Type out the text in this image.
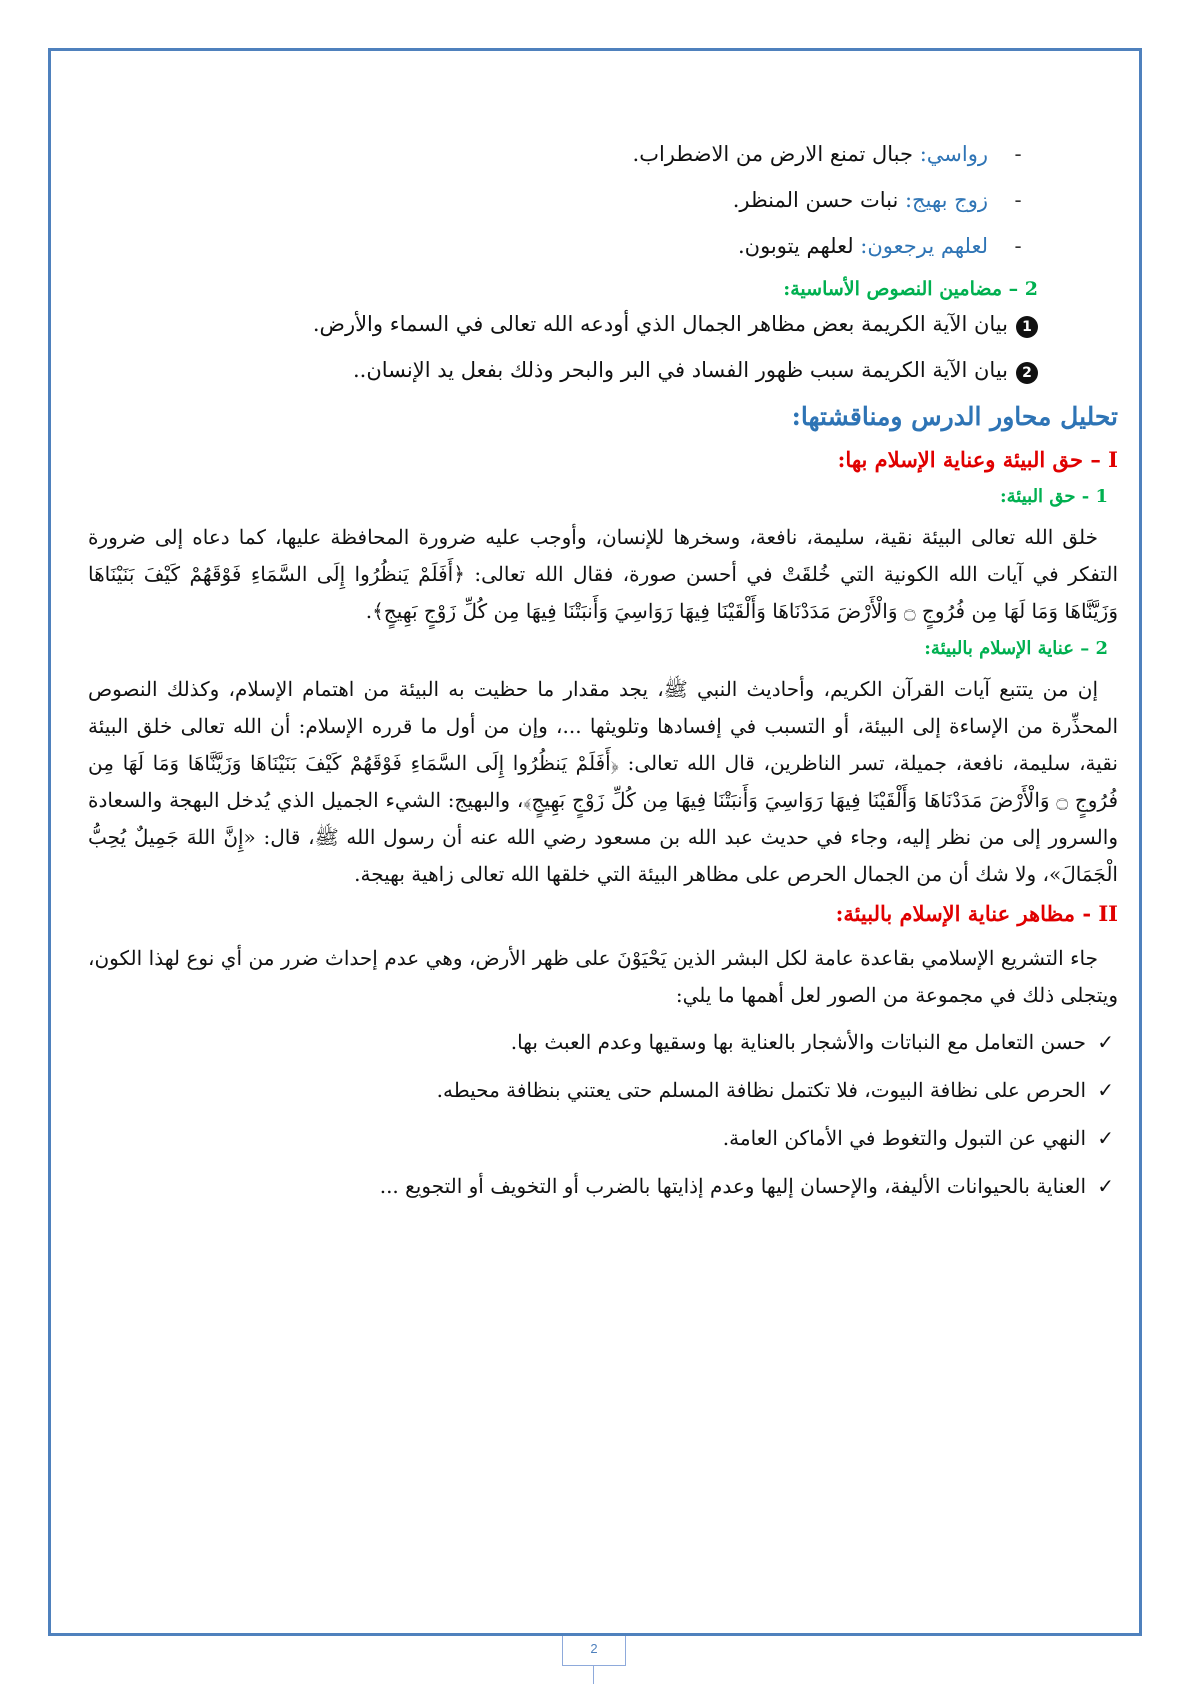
-
رواسي:

جبال تمنع الارض من الاضطراب.
-
زوج بهيج:

نبات حسن المنظر.
-
لعلهم يرجعون:

لعلهم يتوبون.
2 – مضامين النصوص الأساسية:
1
بيان الآية الكريمة بعض مظاهر الجمال الذي أودعه الله تعالى في السماء والأرض.
2
بيان الآية الكريمة سبب ظهور الفساد في البر والبحر وذلك بفعل يد الإنسان..
تحليل محاور الدرس ومناقشتها:
I – حق البيئة وعناية الإسلام بها:
1 - حق البيئة:

خلق الله تعالى البيئة نقية، سليمة، نافعة، وسخرها للإنسان، وأوجب عليه ضرورة المحافظة عليها، كما دعاه إلى ضرورة التفكر في آيات الله الكونية التي خُلقَتْ في أحسن صورة، فقال الله تعالى: ﴿أَفَلَمْ يَنظُرُوا إِلَى السَّمَاءِ فَوْقَهُمْ كَيْفَ بَنَيْنَاهَا وَزَيَّنَّاهَا وَمَا لَهَا مِن فُرُوجٍ ۝ وَالْأَرْضَ مَدَدْنَاهَا وَأَلْقَيْنَا فِيهَا رَوَاسِيَ وَأَنبَتْنَا فِيهَا مِن كُلِّ زَوْجٍ بَهِيجٍ﴾.

2 – عناية الإسلام بالبيئة:

إن من يتتبع آيات القرآن الكريم، وأحاديث النبي ﷺ، يجد مقدار ما حظيت به البيئة من اهتمام الإسلام، وكذلك النصوص المحذِّرة من الإساءة إلى البيئة، أو التسبب في إفسادها وتلويثها ...، وإن من أول ما قرره الإسلام: أن الله تعالى خلق البيئة نقية، سليمة، نافعة، جميلة، تسر الناظرين، قال الله تعالى: ﴿أَفَلَمْ يَنظُرُوا إِلَى السَّمَاءِ فَوْقَهُمْ كَيْفَ بَنَيْنَاهَا وَزَيَّنَّاهَا وَمَا لَهَا مِن فُرُوجٍ ۝ وَالْأَرْضَ مَدَدْنَاهَا وَأَلْقَيْنَا فِيهَا رَوَاسِيَ وَأَنبَتْنَا فِيهَا مِن كُلِّ زَوْجٍ بَهِيجٍ﴾، والبهيج: الشيء الجميل الذي يُدخل البهجة والسعادة والسرور إلى من نظر إليه، وجاء في حديث عبد الله بن مسعود رضي الله عنه أن رسول الله ﷺ، قال: «إِنَّ اللهَ جَمِيلٌ يُحِبُّ الْجَمَالَ»، ولا شك أن من الجمال الحرص على مظاهر البيئة التي خلقها الله تعالى زاهية بهيجة.

II - مظاهر عناية الإسلام بالبيئة:

جاء التشريع الإسلامي بقاعدة عامة لكل البشر الذين يَحْيَوْنَ على ظهر الأرض، وهي عدم إحداث ضرر من أي نوع لهذا الكون، ويتجلى ذلك في مجموعة من الصور لعل أهمها ما يلي:

✓
حسن التعامل مع النباتات والأشجار بالعناية بها وسقيها وعدم العبث بها.
✓
الحرص على نظافة البيوت، فلا تكتمل نظافة المسلم حتى يعتني بنظافة محيطه.
✓
النهي عن التبول والتغوط في الأماكن العامة.
✓
العناية بالحيوانات الأليفة، والإحسان إليها وعدم إذايتها بالضرب أو التخويف أو التجويع ...
2
